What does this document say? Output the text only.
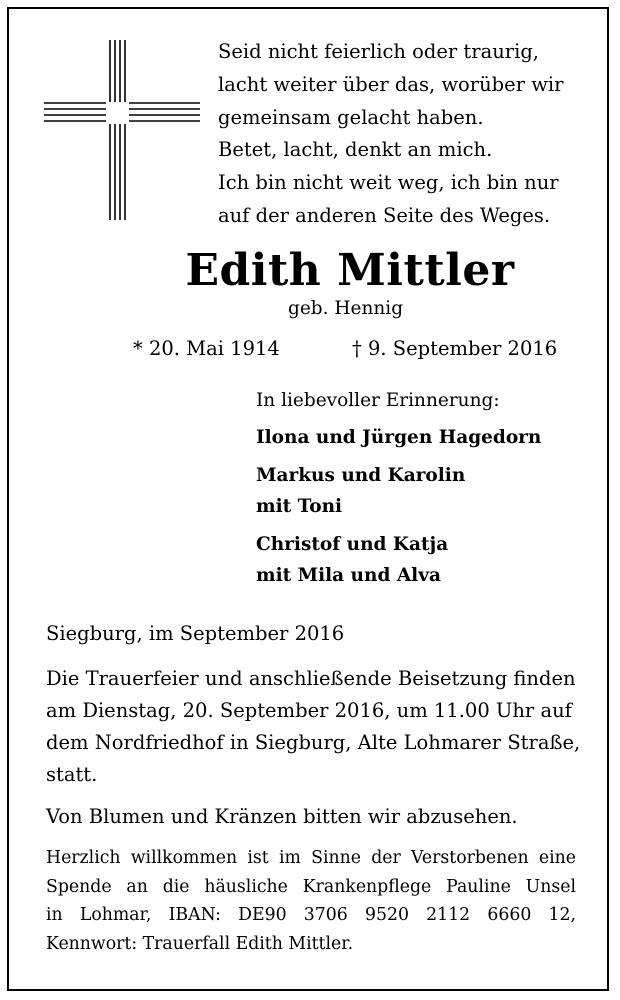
Seid nicht feierlich oder traurig,
lacht weiter über das, worüber wir
gemeinsam gelacht haben.
Betet, lacht, denkt an mich.
Ich bin nicht weit weg, ich bin nur
auf der anderen Seite des Weges.
Edith Mittler
geb. Hennig
* 20. Mai 1914	† 9. September 2016
In liebevoller Erinnerung:
Ilona und Jürgen Hagedorn
Markus und Karolin
mit Toni
Christof und Katja
mit Mila und Alva
Siegburg, im September 2016
Die Trauerfeier und anschließende Beisetzung finden
am Dienstag, 20. September 2016, um 11.00 Uhr auf
dem Nordfriedhof in Siegburg, Alte Lohmarer Straße,
statt.
Von Blumen und Kränzen bitten wir abzusehen.
Herzlich willkommen ist im Sinne der Verstorbenen eine
Spende an die häusliche Krankenpflege Pauline Unsel
in Lohmar, IBAN: DE90 3706 9520 2112 6660 12,
Kennwort: Trauerfall Edith Mittler.
